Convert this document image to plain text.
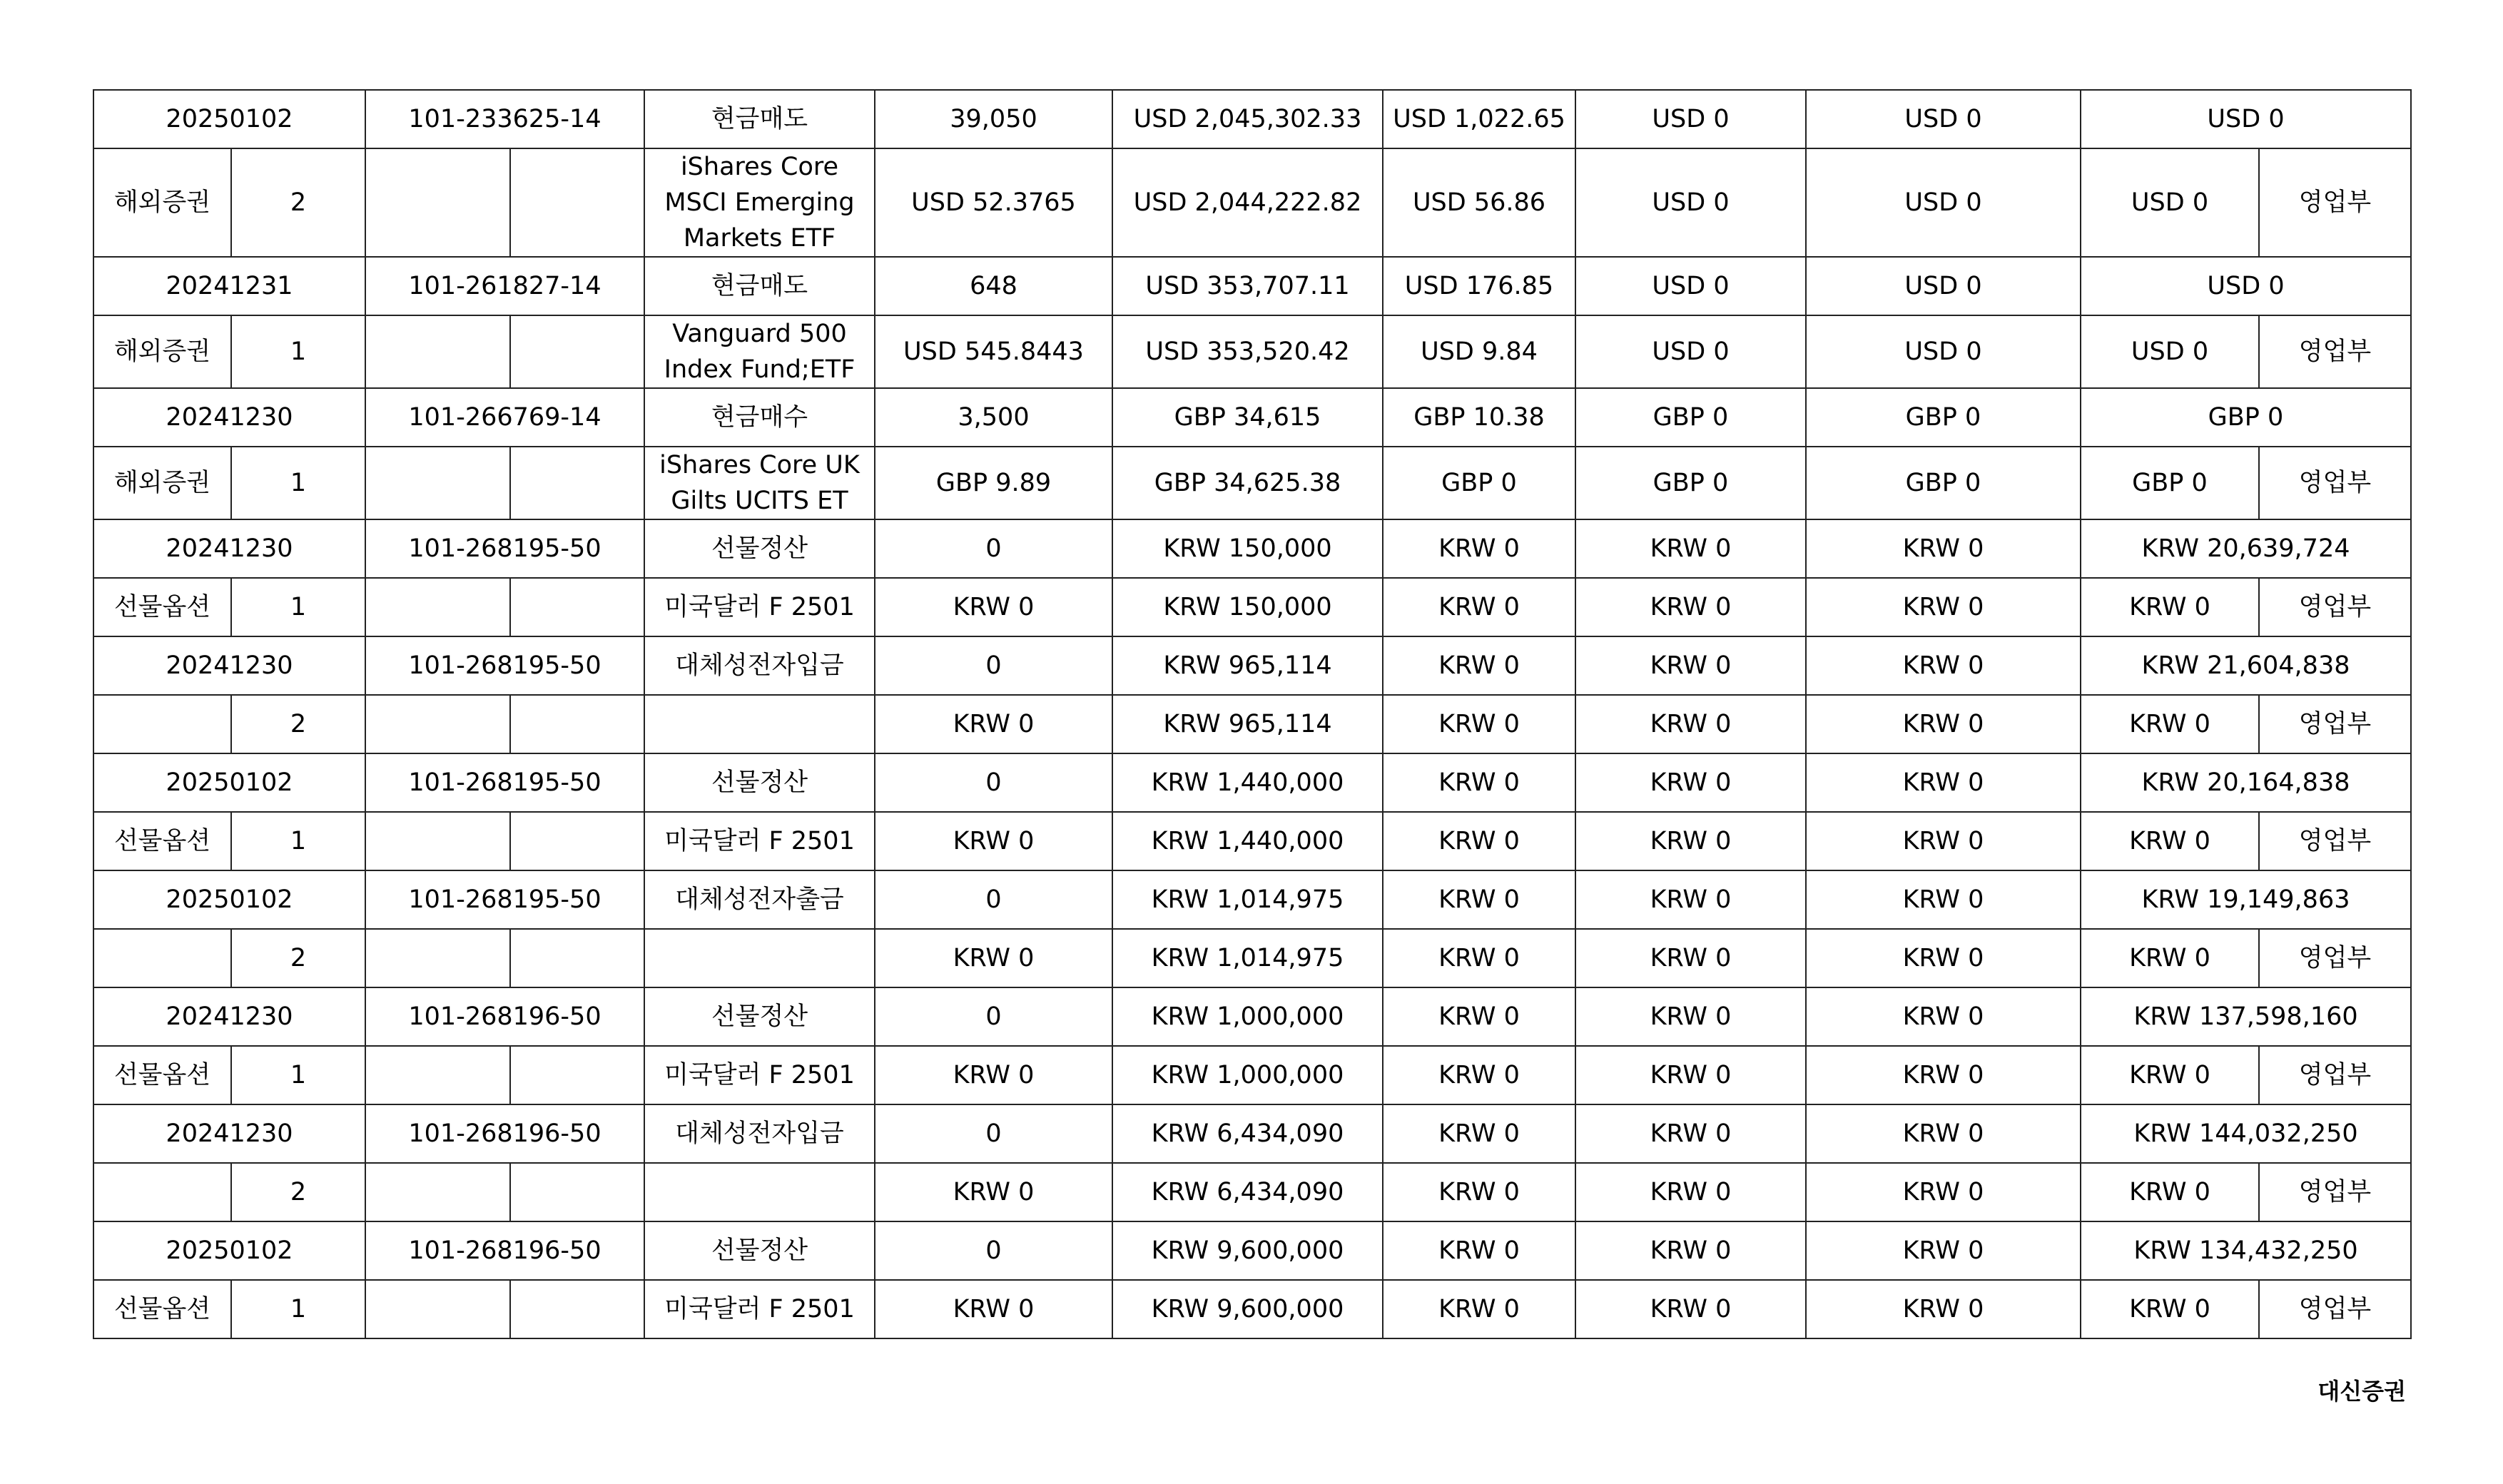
20250102		101-233625-14		현금매도	39,050	USD 2,045,302.33	USD 1,022.65	USD 0	USD 0	USD 0	
해외증권	2			iShares Core MSCI Emerging Markets ETF	USD 52.3765	USD 2,044,222.82	USD 56.86	USD 0	USD 0	USD 0	영업부
20241231		101-261827-14		현금매도	648	USD 353,707.11	USD 176.85	USD 0	USD 0	USD 0	
해외증권	1			Vanguard 500 Index Fund;ETF	USD 545.8443	USD 353,520.42	USD 9.84	USD 0	USD 0	USD 0	영업부
20241230		101-266769-14		현금매수	3,500	GBP 34,615	GBP 10.38	GBP 0	GBP 0	GBP 0	
해외증권	1			iShares Core UK Gilts UCITS ET	GBP 9.89	GBP 34,625.38	GBP 0	GBP 0	GBP 0	GBP 0	영업부
20241230		101-268195-50		선물정산	0	KRW 150,000	KRW 0	KRW 0	KRW 0	KRW 20,639,724	
선물옵션	1			미국달러 F 2501	KRW 0	KRW 150,000	KRW 0	KRW 0	KRW 0	KRW 0	영업부
20241230		101-268195-50		대체성전자입금	0	KRW 965,114	KRW 0	KRW 0	KRW 0	KRW 21,604,838	
	2				KRW 0	KRW 965,114	KRW 0	KRW 0	KRW 0	KRW 0	영업부
20250102		101-268195-50		선물정산	0	KRW 1,440,000	KRW 0	KRW 0	KRW 0	KRW 20,164,838	
선물옵션	1			미국달러 F 2501	KRW 0	KRW 1,440,000	KRW 0	KRW 0	KRW 0	KRW 0	영업부
20250102		101-268195-50		대체성전자출금	0	KRW 1,014,975	KRW 0	KRW 0	KRW 0	KRW 19,149,863	
	2				KRW 0	KRW 1,014,975	KRW 0	KRW 0	KRW 0	KRW 0	영업부
20241230		101-268196-50		선물정산	0	KRW 1,000,000	KRW 0	KRW 0	KRW 0	KRW 137,598,160	
선물옵션	1			미국달러 F 2501	KRW 0	KRW 1,000,000	KRW 0	KRW 0	KRW 0	KRW 0	영업부
20241230		101-268196-50		대체성전자입금	0	KRW 6,434,090	KRW 0	KRW 0	KRW 0	KRW 144,032,250	
	2				KRW 0	KRW 6,434,090	KRW 0	KRW 0	KRW 0	KRW 0	영업부
20250102		101-268196-50		선물정산	0	KRW 9,600,000	KRW 0	KRW 0	KRW 0	KRW 134,432,250	
선물옵션	1			미국달러 F 2501	KRW 0	KRW 9,600,000	KRW 0	KRW 0	KRW 0	KRW 0	영업부
대신증권
